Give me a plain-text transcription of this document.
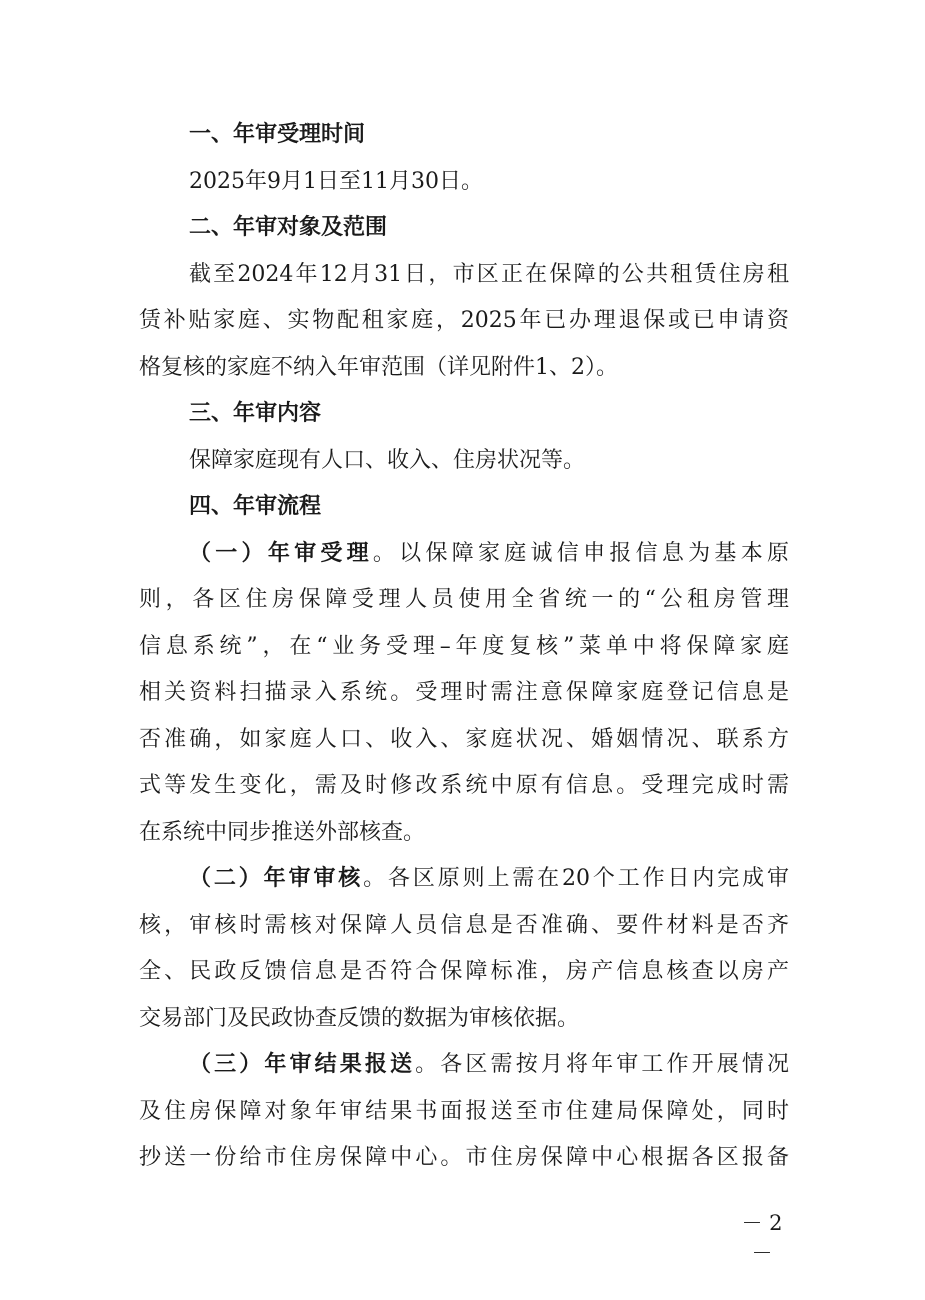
一、年审受理时间
2025年9月1日至11月30日。
二、年审对象及范围
截至2024年12月31日，市区正在保障的公共租赁住房租
赁补贴家庭、实物配租家庭，2025年已办理退保或已申请资
格复核的家庭不纳入年审范围（详见附件1、2）。
三、年审内容
保障家庭现有人口、收入、住房状况等。
四、年审流程
（一）年审受理。以保障家庭诚信申报信息为基本原
则，各区住房保障受理人员使用全省统一的“公租房管理
信息系统”，在“业务受理–年度复核”菜单中将保障家庭
相关资料扫描录入系统。受理时需注意保障家庭登记信息是
否准确，如家庭人口、收入、家庭状况、婚姻情况、联系方
式等发生变化，需及时修改系统中原有信息。受理完成时需
在系统中同步推送外部核查。
（二）年审审核。各区原则上需在20个工作日内完成审
核，审核时需核对保障人员信息是否准确、要件材料是否齐
全、民政反馈信息是否符合保障标准，房产信息核查以房产
交易部门及民政协查反馈的数据为审核依据。
（三）年审结果报送。各区需按月将年审工作开展情况
及住房保障对象年审结果书面报送至市住建局保障处，同时
抄送一份给市住房保障中心。市住房保障中心根据各区报备
－ 2 －
